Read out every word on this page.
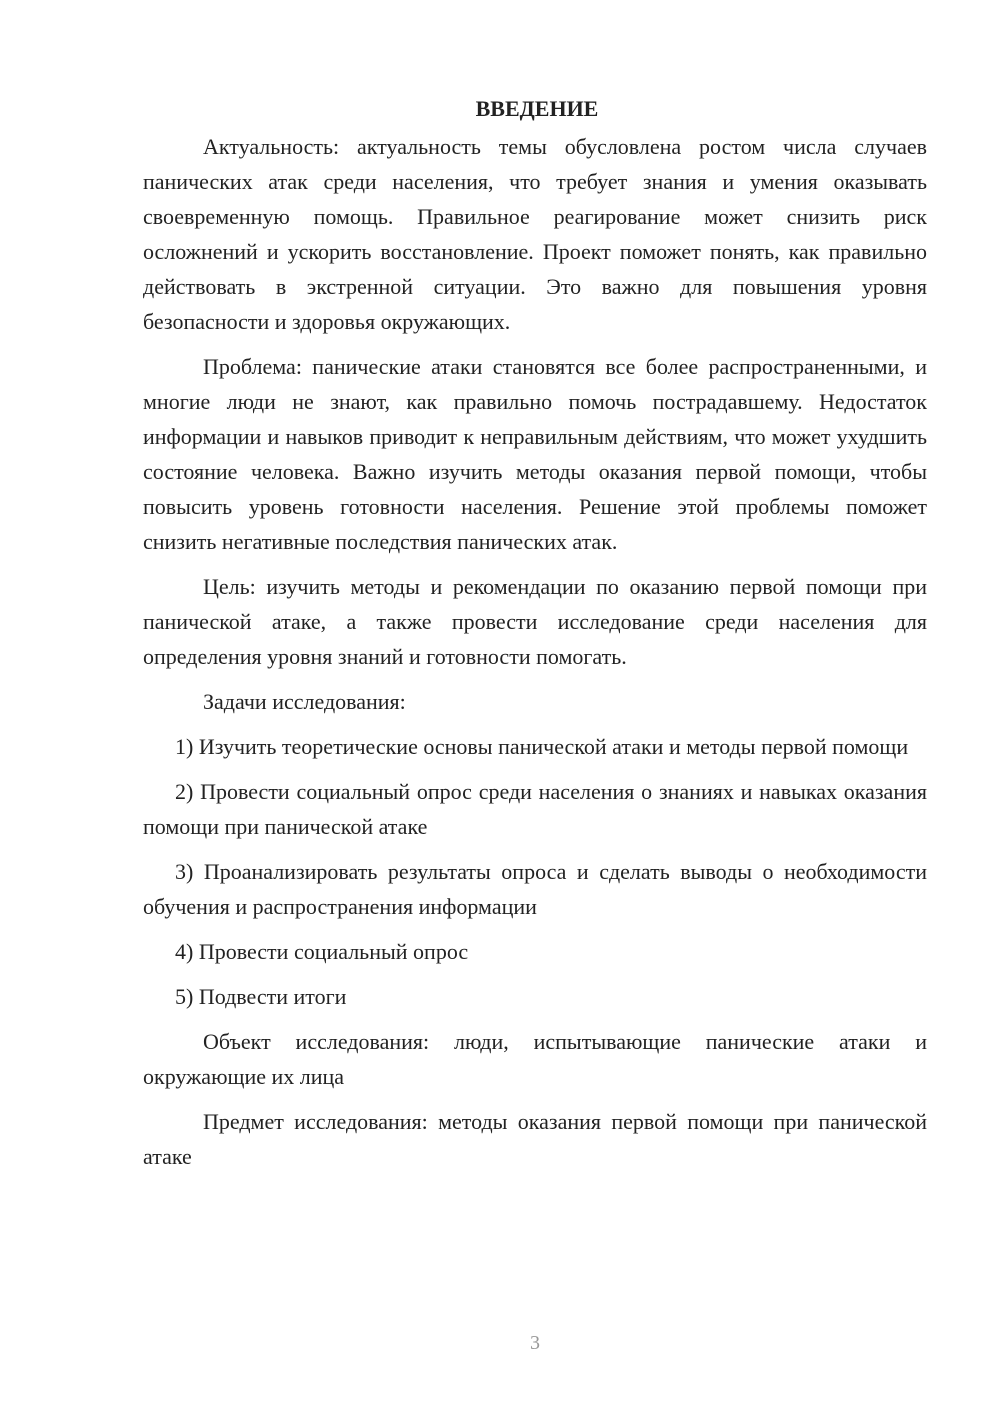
ВВЕДЕНИЕ

Актуальность: актуальность темы обусловлена ростом числа случаев панических атак среди населения, что требует знания и умения оказывать своевременную помощь. Правильное реагирование может снизить риск осложнений и ускорить восстановление. Проект поможет понять, как правильно действовать в экстренной ситуации. Это важно для повышения уровня безопасности и здоровья окружающих.

Проблема: панические атаки становятся все более распространенными, и многие люди не знают, как правильно помочь пострадавшему. Недостаток информации и навыков приводит к неправильным действиям, что может ухудшить состояние человека. Важно изучить методы оказания первой помощи, чтобы повысить уровень готовности населения. Решение этой проблемы поможет снизить негативные последствия панических атак.

Цель: изучить методы и рекомендации по оказанию первой помощи при панической атаке, а также провести исследование среди населения для определения уровня знаний и готовности помогать.

Задачи исследования:

1) Изучить теоретические основы панической атаки и методы первой помощи

2) Провести социальный опрос среди населения о знаниях и навыках оказания помощи при панической атаке

3) Проанализировать результаты опроса и сделать выводы о необходимости обучения и распространения информации

4) Провести социальный опрос

5) Подвести итоги

Объект исследования: люди, испытывающие панические атаки и окружающие их лица

Предмет исследования: методы оказания первой помощи при панической атаке

3
